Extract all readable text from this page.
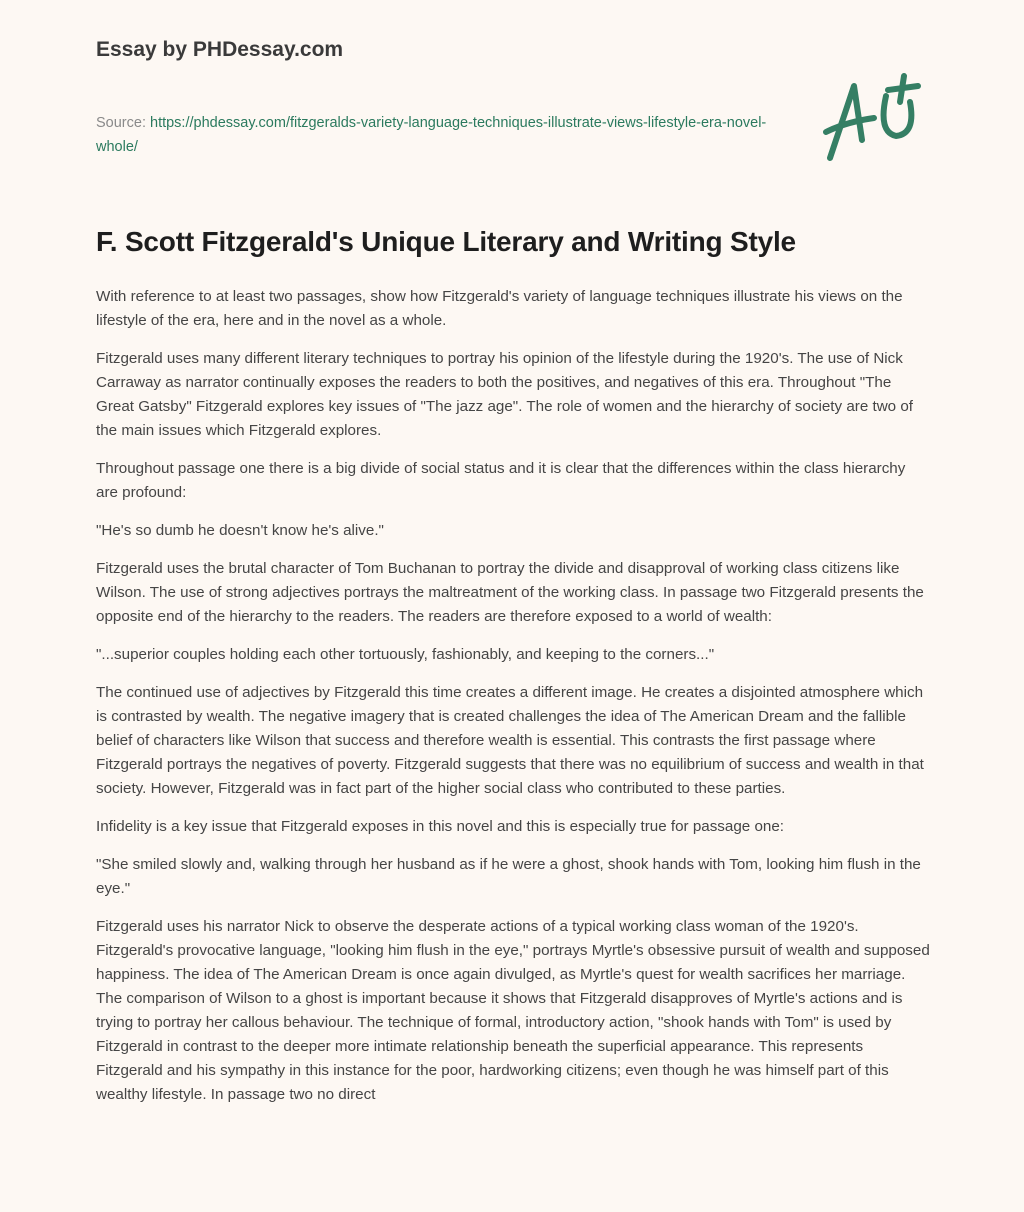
Essay by PHDessay.com
Source: https://phdessay.com/fitzgeralds-variety-language-techniques-illustrate-views-lifestyle-era-novel-whole/
F. Scott Fitzgerald's Unique Literary and Writing Style

With reference to at least two passages, show how Fitzgerald's variety of language techniques illustrate his views on the lifestyle of the era, here and in the novel as a whole.

Fitzgerald uses many different literary techniques to portray his opinion of the lifestyle during the 1920's. The use of Nick Carraway as narrator continually exposes the readers to both the positives, and negatives of this era. Throughout "The Great Gatsby" Fitzgerald explores key issues of "The jazz age". The role of women and the hierarchy of society are two of the main issues which Fitzgerald explores.

Throughout passage one there is a big divide of social status and it is clear that the differences within the class hierarchy are profound:

"He's so dumb he doesn't know he's alive."

Fitzgerald uses the brutal character of Tom Buchanan to portray the divide and disapproval of working class citizens like Wilson. The use of strong adjectives portrays the maltreatment of the working class. In passage two Fitzgerald presents the opposite end of the hierarchy to the readers. The readers are therefore exposed to a world of wealth:

"...superior couples holding each other tortuously, fashionably, and keeping to the corners..."

The continued use of adjectives by Fitzgerald this time creates a different image. He creates a disjointed atmosphere which is contrasted by wealth. The negative imagery that is created challenges the idea of The American Dream and the fallible belief of characters like Wilson that success and therefore wealth is essential. This contrasts the first passage where Fitzgerald portrays the negatives of poverty. Fitzgerald suggests that there was no equilibrium of success and wealth in that society. However, Fitzgerald was in fact part of the higher social class who contributed to these parties.

Infidelity is a key issue that Fitzgerald exposes in this novel and this is especially true for passage one:

"She smiled slowly and, walking through her husband as if he were a ghost, shook hands with Tom, looking him flush in the eye."

Fitzgerald uses his narrator Nick to observe the desperate actions of a typical working class woman of the 1920's. Fitzgerald's provocative language, "looking him flush in the eye," portrays Myrtle's obsessive pursuit of wealth and supposed happiness. The idea of The American Dream is once again divulged, as Myrtle's quest for wealth sacrifices her marriage. The comparison of Wilson to a ghost is important because it shows that Fitzgerald disapproves of Myrtle's actions and is trying to portray her callous behaviour. The technique of formal, introductory action, "shook hands with Tom" is used by Fitzgerald in contrast to the deeper more intimate relationship beneath the superficial appearance. This represents Fitzgerald and his sympathy in this instance for the poor, hardworking citizens; even though he was himself part of this wealthy lifestyle. In passage two no direct
